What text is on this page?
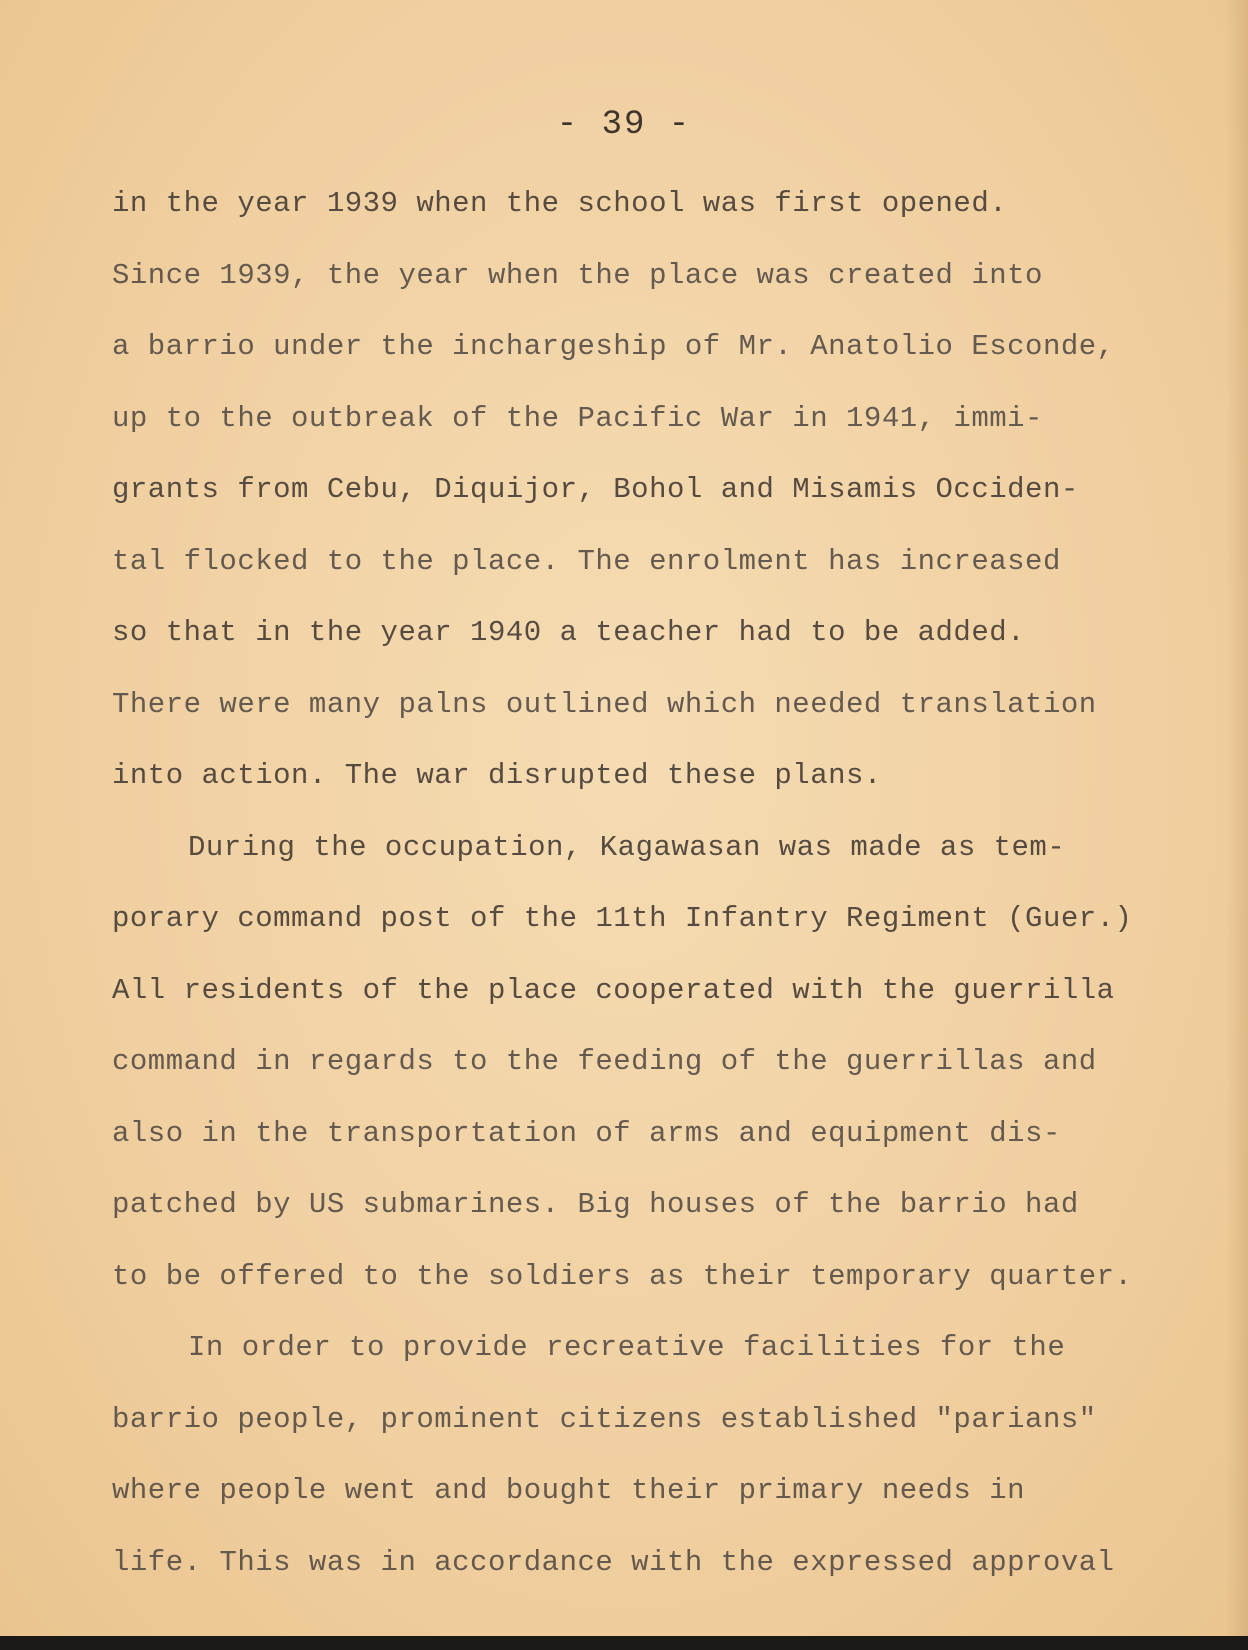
- 39 -
in the year 1939 when the school was first opened.
Since 1939, the year when the place was created into
a barrio under the inchargeship of Mr. Anatolio Esconde,
up to the outbreak of the Pacific War in 1941, immi-
grants from Cebu, Diquijor, Bohol and Misamis Occiden-
tal flocked to the place. The enrolment has increased
so that in the year 1940 a teacher had to be added.
There were many palns outlined which needed translation
into action. The war disrupted these plans.
During the occupation, Kagawasan was made as tem-
porary command post of the 11th Infantry Regiment (Guer.)
All residents of the place cooperated with the guerrilla
command in regards to the feeding of the guerrillas and
also in the transportation of arms and equipment dis-
patched by US submarines. Big houses of the barrio had
to be offered to the soldiers as their temporary quarter.
In order to provide recreative facilities for the
barrio people, prominent citizens established "parians"
where people went and bought their primary needs in
life. This was in accordance with the expressed approval
